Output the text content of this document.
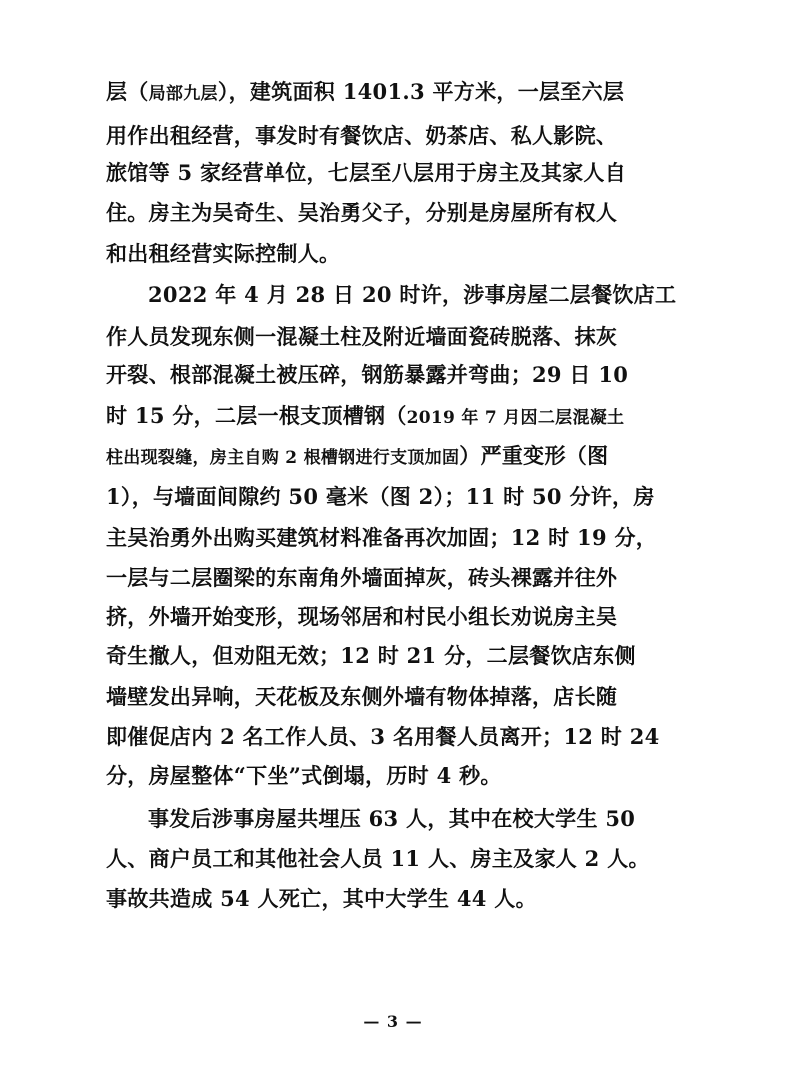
层（局部九层），建筑面积 1401.3 平方米，一层至六层
用作出租经营，事发时有餐饮店、奶茶店、私人影院、
旅馆等 5 家经营单位，七层至八层用于房主及其家人自
住。房主为吴奇生、吴治勇父子，分别是房屋所有权人
和出租经营实际控制人。
2022 年 4 月 28 日 20 时许，涉事房屋二层餐饮店工
作人员发现东侧一混凝土柱及附近墙面瓷砖脱落、抹灰
开裂、根部混凝土被压碎，钢筋暴露并弯曲；29 日 10
时 15 分，二层一根支顶槽钢（2019 年 7 月因二层混凝土
柱出现裂缝，房主自购 2 根槽钢进行支顶加固）严重变形（图
1），与墙面间隙约 50 毫米（图 2）；11 时 50 分许，房
主吴治勇外出购买建筑材料准备再次加固；12 时 19 分，
一层与二层圈梁的东南角外墙面掉灰，砖头裸露并往外
挤，外墙开始变形，现场邻居和村民小组长劝说房主吴
奇生撤人，但劝阻无效；12 时 21 分，二层餐饮店东侧
墙壁发出异响，天花板及东侧外墙有物体掉落，店长随
即催促店内 2 名工作人员、3 名用餐人员离开；12 时 24
分，房屋整体“下坐”式倒塌，历时 4 秒。
事发后涉事房屋共埋压 63 人，其中在校大学生 50
人、商户员工和其他社会人员 11 人、房主及家人 2 人。
事故共造成 54 人死亡，其中大学生 44 人。
— 3 —
